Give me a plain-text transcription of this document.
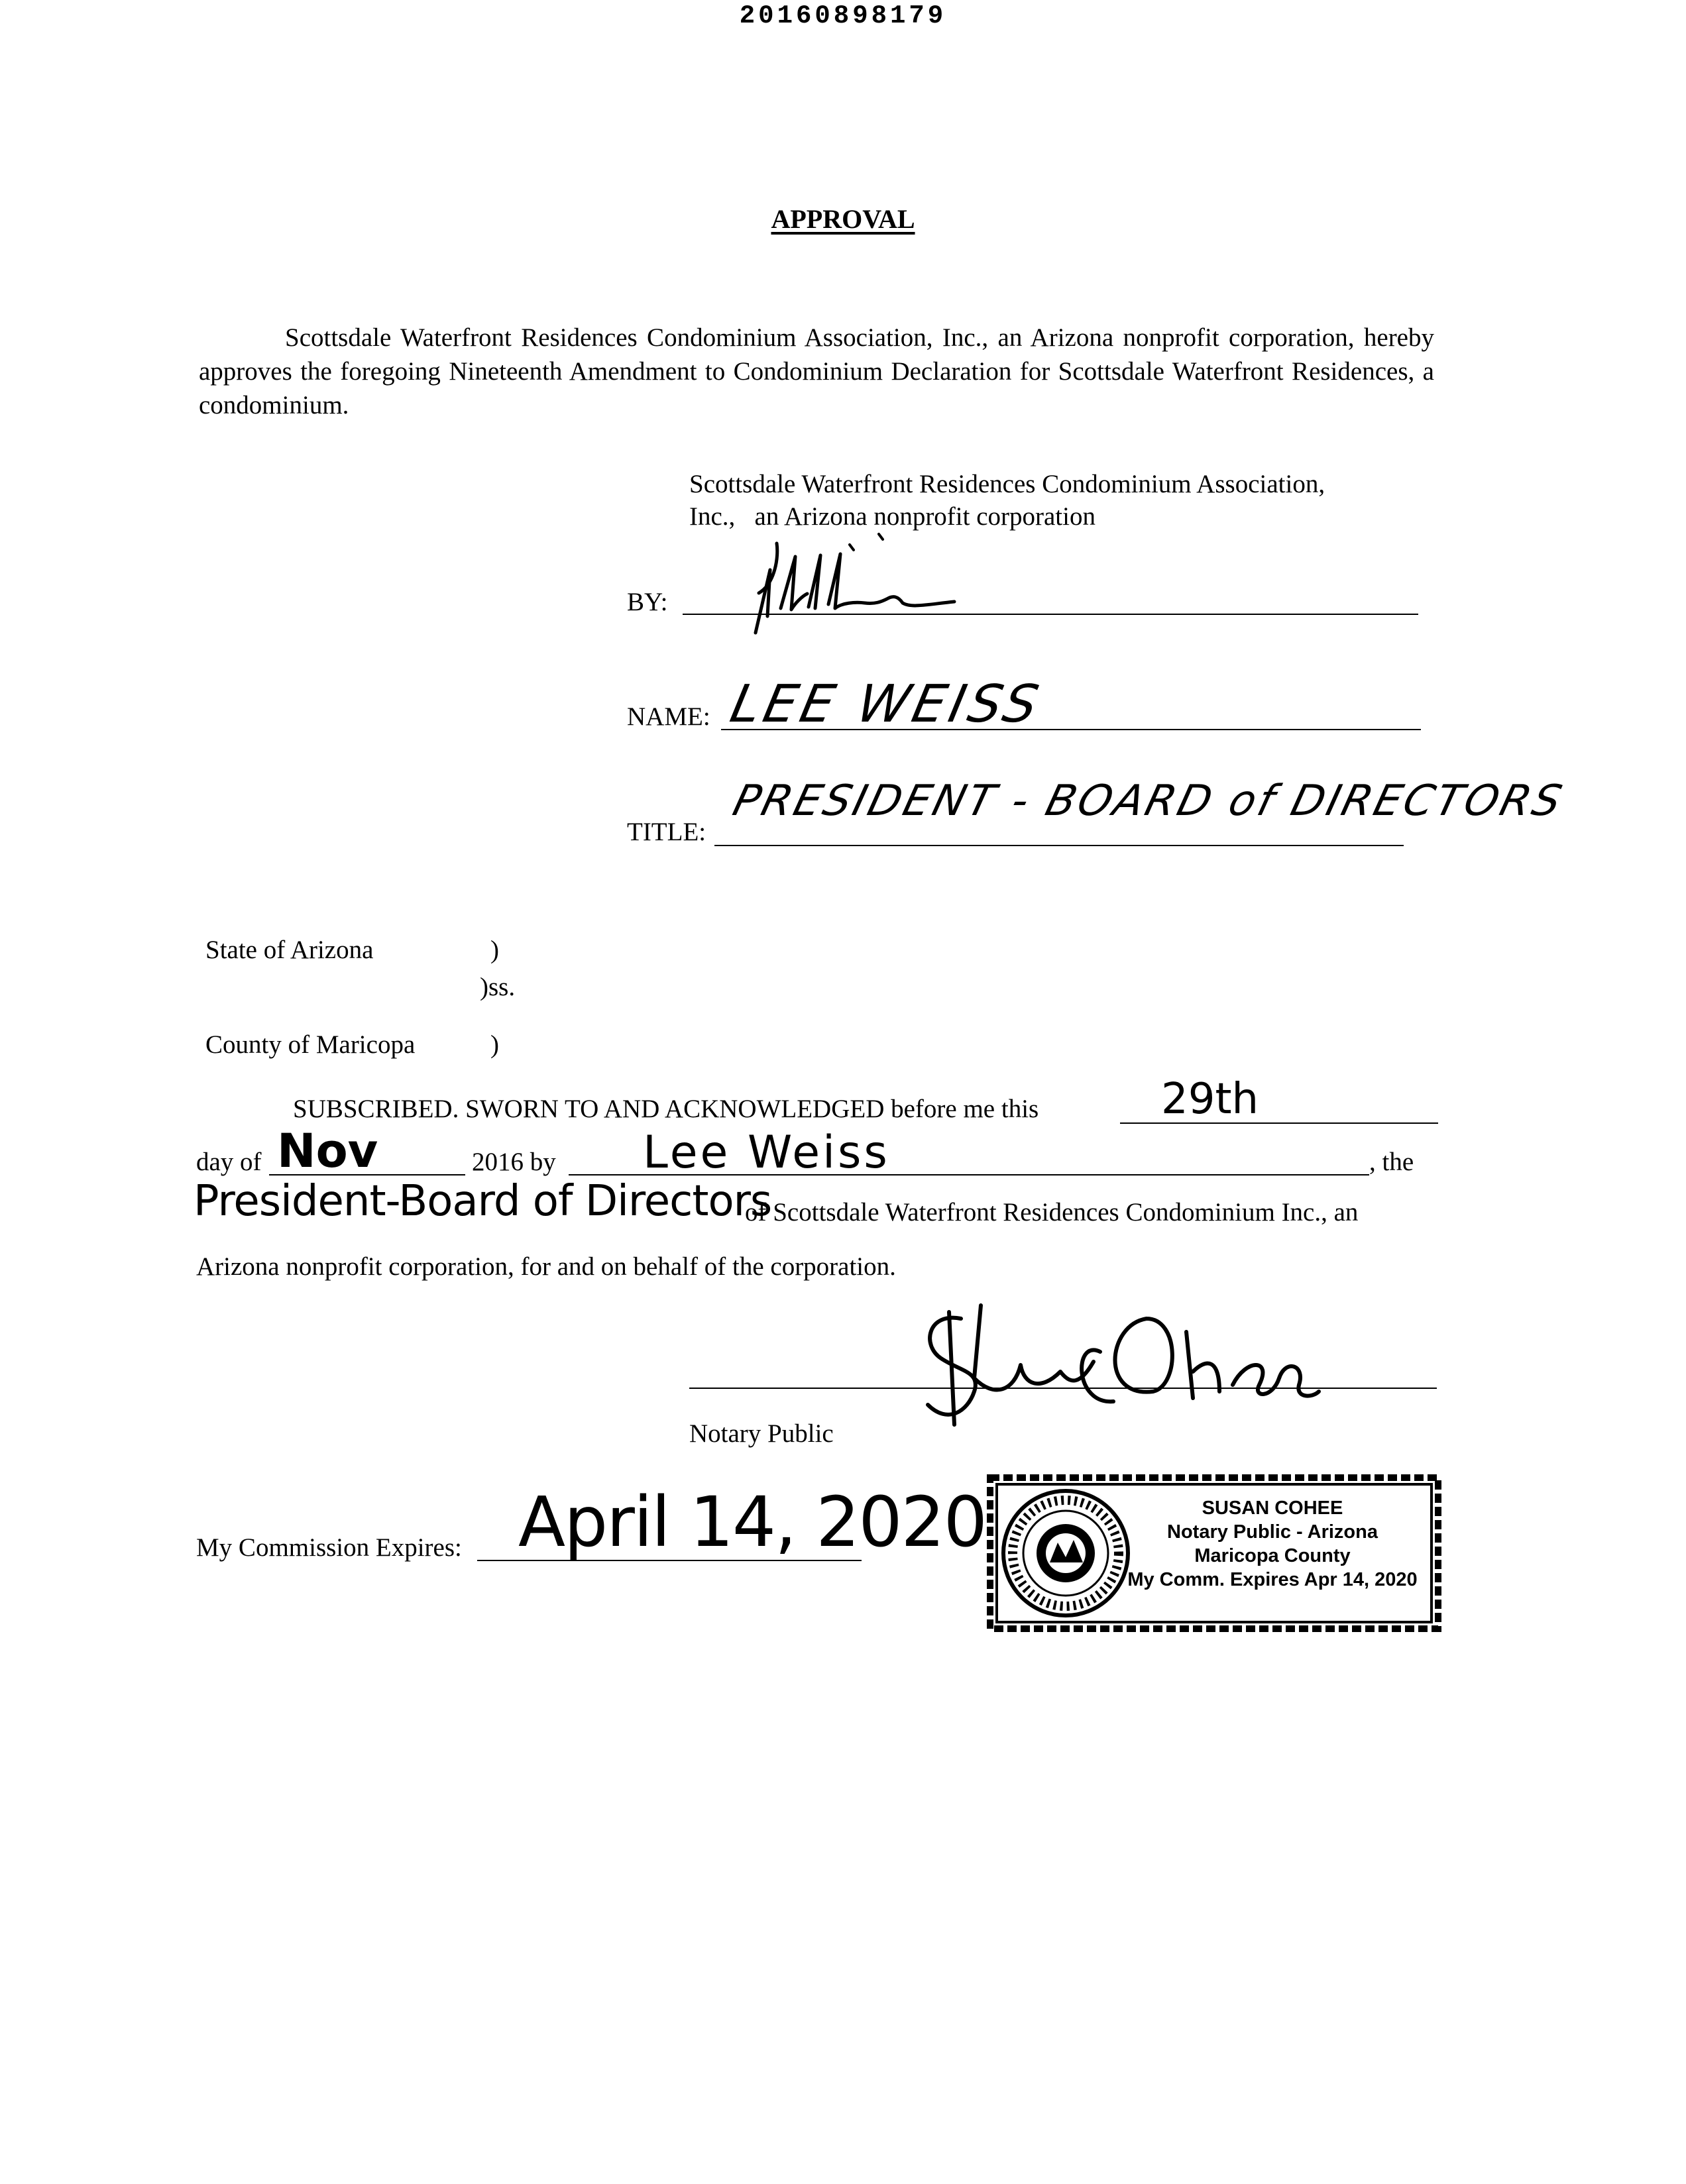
20160898179
APPROVAL
Scottsdale Waterfront Residences Condominium Association, Inc., an Arizona nonprofit corporation, hereby approves the foregoing Nineteenth Amendment to Condominium Declaration for Scottsdale Waterfront Residences, a condominium.
Scottsdale Waterfront Residences Condominium Association,
Inc.,   an Arizona nonprofit corporation
BY:
NAME: LEE WEISS
TITLE:
PRESIDENT - BOARD of DIRECTORS
State of Arizona	)
)ss.
County of Maricopa	)
SUBSCRIBED. SWORN TO AND ACKNOWLEDGED before me this	29th
day of Nov	2016 by Lee Weiss	, the
President-Board of Directors
of Scottsdale Waterfront Residences Condominium Inc., an
Arizona nonprofit corporation, for and on behalf of the corporation.
Notary Public
My Commission Expires: April 14, 2020	SUSAN COHEE
Notary Public - Arizona
Maricopa County
My Comm. Expires Apr 14, 2020
